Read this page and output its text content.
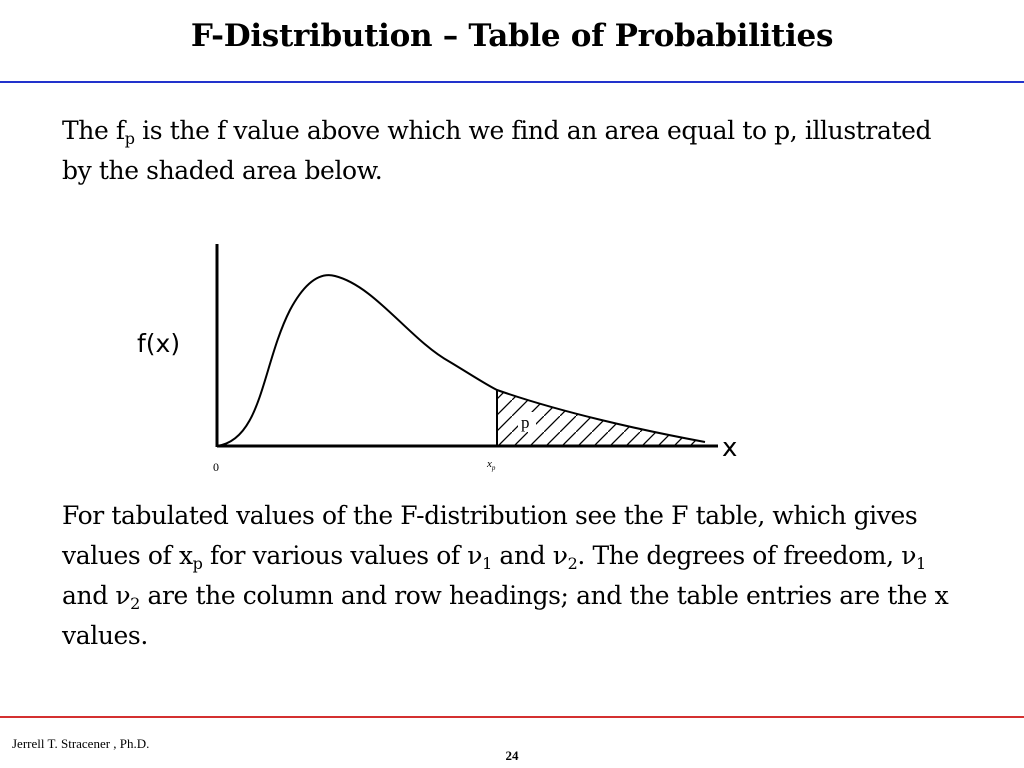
F-Distribution – Table of Probabilities
The $f_p$ is the f value above which we find an area equal to p, illustrated by the shaded area below.
f(x)
x
0	$x_p$
p
For tabulated values of the F-distribution see the F table, which gives values of $x_p$ for various values of $\nu_1$ and $\nu_2$. The degrees of freedom, $\nu_1$ and $\nu_2$ are the column and row headings; and the table entries are the x values.
Jerrell T. Stracener , Ph.D.
24
